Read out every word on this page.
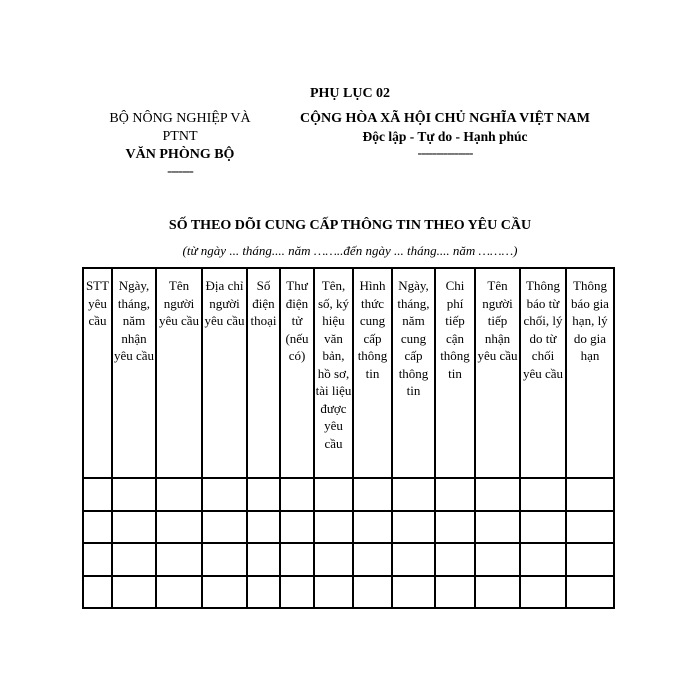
PHỤ LỤC 02
BỘ NÔNG NGHIỆP VÀ
PTNT
VĂN PHÒNG BỘ
-------
CỘNG HÒA XÃ HỘI CHỦ NGHĨA VIỆT NAM
Độc lập - Tự do - Hạnh phúc
---------------
SỐ THEO DÕI CUNG CẤP THÔNG TIN THEO YÊU CẦU
(từ ngày ... tháng.... năm ……..đến ngày ... tháng.... năm ………)
STT yêu cầu	Ngày, tháng, năm nhận yêu cầu	Tên người yêu cầu	Địa chỉ người yêu cầu	Số điện thoại	Thư điện tử (nếu có)	Tên, số, ký hiệu văn bản, hồ sơ, tài liệu được yêu cầu	Hình thức cung cấp thông tin	Ngày, tháng, năm cung cấp thông tin	Chi phí tiếp cận thông tin	Tên người tiếp nhận yêu cầu	Thông báo từ chối, lý do từ chối yêu cầu	Thông báo gia hạn, lý do gia hạn
